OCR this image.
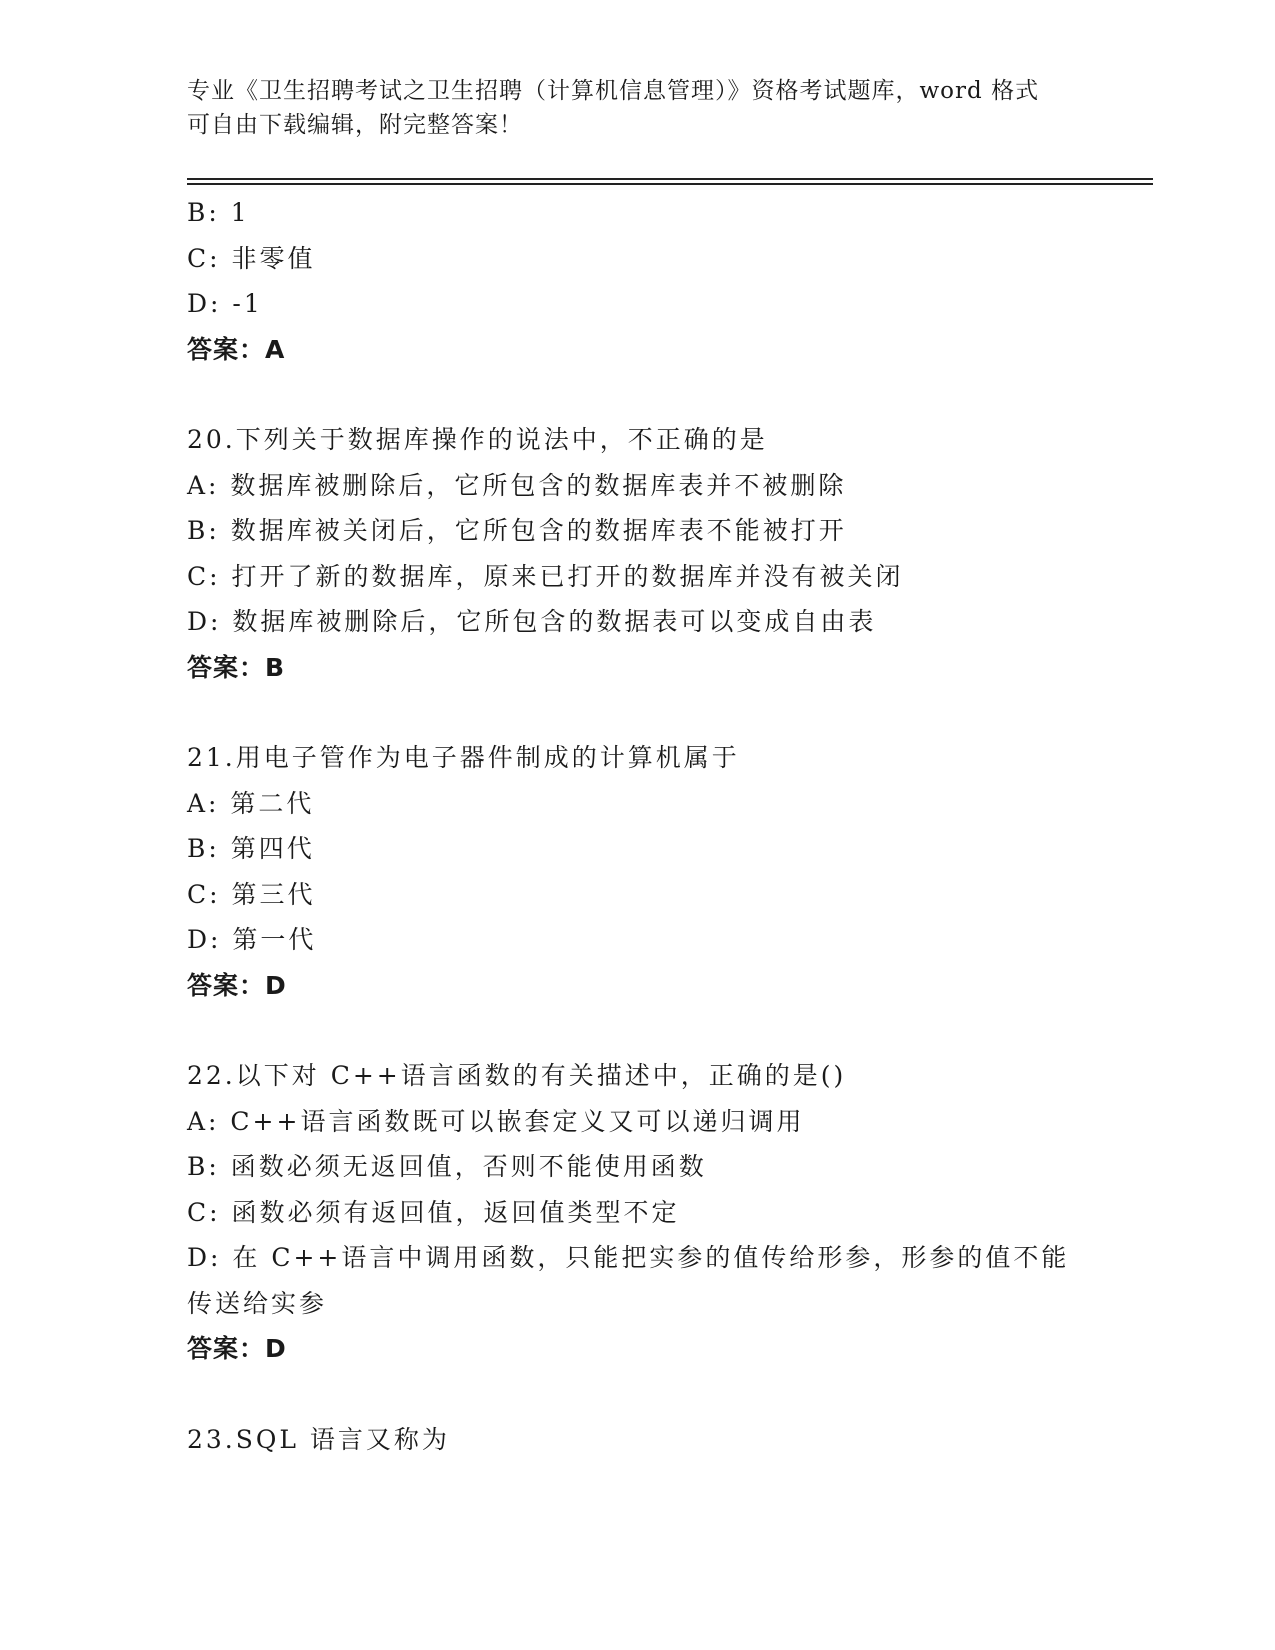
专业《卫生招聘考试之卫生招聘（计算机信息管理）》资格考试题库，word 格式
可自由下载编辑，附完整答案！
B: 1
C: 非零值
D: -1
答案：A
20.下列关于数据库操作的说法中，不正确的是
A: 数据库被删除后，它所包含的数据库表并不被删除
B: 数据库被关闭后，它所包含的数据库表不能被打开
C: 打开了新的数据库，原来已打开的数据库并没有被关闭
D: 数据库被删除后，它所包含的数据表可以变成自由表
答案：B
21.用电子管作为电子器件制成的计算机属于
A: 第二代
B: 第四代
C: 第三代
D: 第一代
答案：D
22.以下对 C++语言函数的有关描述中，正确的是()
A: C++语言函数既可以嵌套定义又可以递归调用
B: 函数必须无返回值，否则不能使用函数
C: 函数必须有返回值，返回值类型不定
D: 在 C++语言中调用函数，只能把实参的值传给形参，形参的值不能
传送给实参
答案：D
23.SQL 语言又称为
